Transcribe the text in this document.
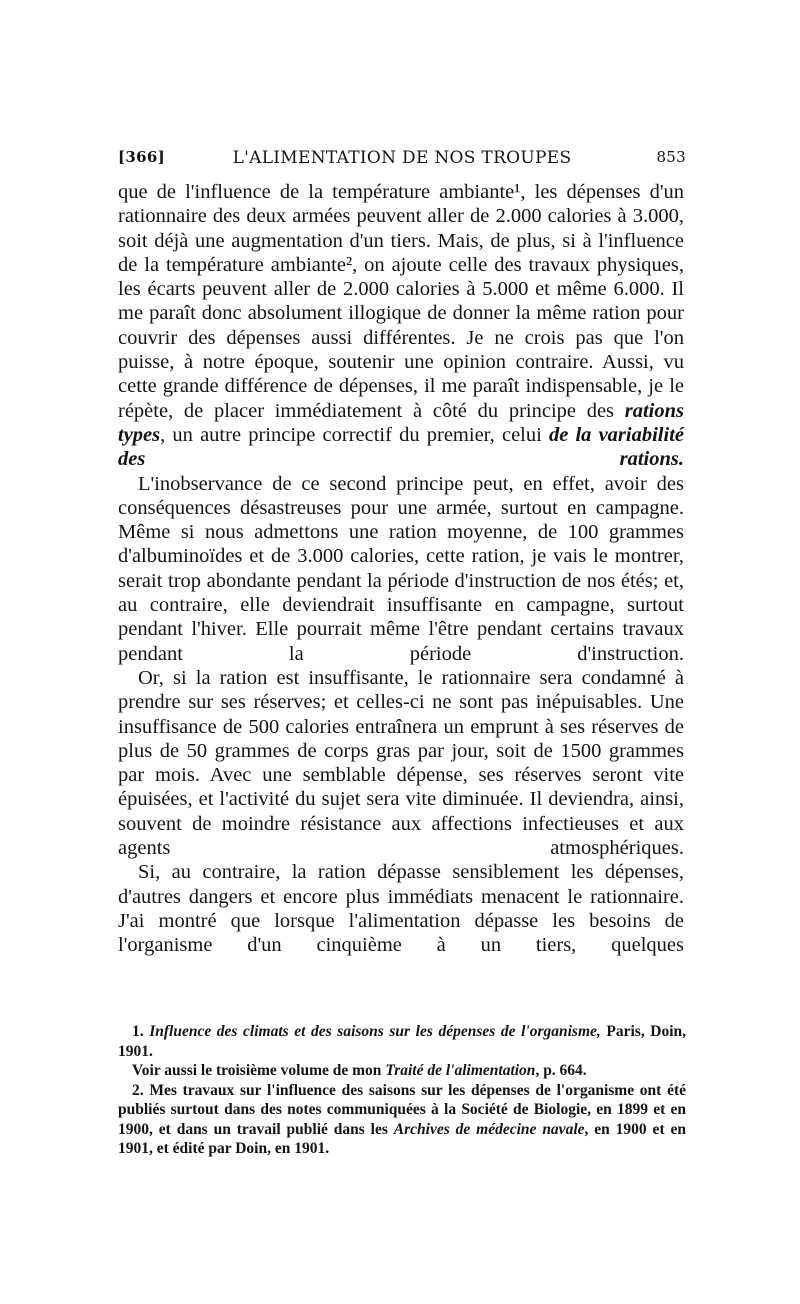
[366]	L'ALIMENTATION DE NOS TROUPES	853

que de l'influence de la température ambiante¹, les dépenses d'un rationnaire des deux armées peuvent aller de 2.000 calories à 3.000, soit déjà une augmentation d'un tiers. Mais, de plus, si à l'influence de la température ambiante², on ajoute celle des travaux physiques, les écarts peuvent aller de 2.000 calories à 5.000 et même 6.000. Il me paraît donc absolument illogique de donner la même ration pour couvrir des dépenses aussi différentes. Je ne crois pas que l'on puisse, à notre époque, soutenir une opinion contraire. Aussi, vu cette grande différence de dépenses, il me paraît indispensable, je le répète, de placer immédiatement à côté du principe des rations types, un autre principe correctif du premier, celui de la variabilité des rations.

L'inobservance de ce second principe peut, en effet, avoir des conséquences désastreuses pour une armée, surtout en campagne. Même si nous admettons une ration moyenne, de 100 grammes d'albuminoïdes et de 3.000 calories, cette ration, je vais le montrer, serait trop abondante pendant la période d'instruction de nos étés; et, au contraire, elle deviendrait insuffisante en campagne, surtout pendant l'hiver. Elle pourrait même l'être pendant certains travaux pendant la période d'instruction.

Or, si la ration est insuffisante, le rationnaire sera condamné à prendre sur ses réserves; et celles-ci ne sont pas inépuisables. Une insuffisance de 500 calories entraînera un emprunt à ses réserves de plus de 50 grammes de corps gras par jour, soit de 1500 grammes par mois. Avec une semblable dépense, ses réserves seront vite épuisées, et l'activité du sujet sera vite diminuée. Il deviendra, ainsi, souvent de moindre résistance aux affections infectieuses et aux agents atmosphériques.

Si, au contraire, la ration dépasse sensiblement les dépenses, d'autres dangers et encore plus immédiats menacent le rationnaire. J'ai montré que lorsque l'alimentation dépasse les besoins de l'organisme d'un cinquième à un tiers, quelques

1. Influence des climats et des saisons sur les dépenses de l'organisme, Paris, Doin, 1901.

Voir aussi le troisième volume de mon Traité de l'alimentation, p. 664.

2. Mes travaux sur l'influence des saisons sur les dépenses de l'organisme ont été publiés surtout dans des notes communiquées à la Société de Biologie, en 1899 et en 1900, et dans un travail publié dans les Archives de médecine navale, en 1900 et en 1901, et édité par Doin, en 1901.
